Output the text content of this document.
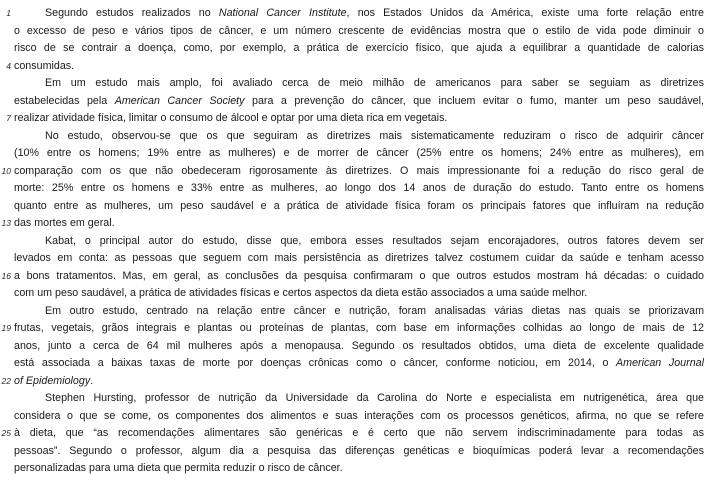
1	Segundo estudos realizados no National Cancer Institute, nos Estados Unidos da América, existe uma forte relação entre
o excesso de peso e vários tipos de câncer, e um número crescente de evidências mostra que o estilo de vida pode diminuir o
risco de se contrair a doença, como, por exemplo, a prática de exercício físico, que ajuda a equilibrar a quantidade de calorias
4 consumidas.
Em um estudo mais amplo, foi avaliado cerca de meio milhão de americanos para saber se seguiam as diretrizes
estabelecidas pela American Cancer Society para a prevenção do câncer, que incluem evitar o fumo, manter um peso saudável,
7 realizar atividade física, limitar o consumo de álcool e optar por uma dieta rica em vegetais.
No estudo, observou-se que os que seguiram as diretrizes mais sistematicamente reduziram o risco de adquirir câncer
(10% entre os homens; 19% entre as mulheres) e de morrer de câncer (25% entre os homens; 24% entre as mulheres), em
10 comparação com os que não obedeceram rigorosamente às diretrizes. O mais impressionante foi a redução do risco geral de
morte: 25% entre os homens e 33% entre as mulheres, ao longo dos 14 anos de duração do estudo. Tanto entre os homens
quanto entre as mulheres, um peso saudável e a prática de atividade física foram os principais fatores que influíram na redução
13 das mortes em geral.
Kabat, o principal autor do estudo, disse que, embora esses resultados sejam encorajadores, outros fatores devem ser
levados em conta: as pessoas que seguem com mais persistência as diretrizes talvez costumem cuidar da saúde e tenham acesso
16 a bons tratamentos. Mas, em geral, as conclusões da pesquisa confirmaram o que outros estudos mostram há décadas: o cuidado
com um peso saudável, a prática de atividades físicas e certos aspectos da dieta estão associados a uma saúde melhor.
Em outro estudo, centrado na relação entre câncer e nutrição, foram analisadas várias dietas nas quais se priorizavam
19 frutas, vegetais, grãos integrais e plantas ou proteínas de plantas, com base em informações colhidas ao longo de mais de 12
anos, junto a cerca de 64 mil mulheres após a menopausa. Segundo os resultados obtidos, uma dieta de excelente qualidade
está associada a baixas taxas de morte por doenças crônicas como o câncer, conforme noticiou, em 2014, o American Journal
22 of Epidemiology.
Stephen Hursting, professor de nutrição da Universidade da Carolina do Norte e especialista em nutrigenética, área que
considera o que se come, os componentes dos alimentos e suas interações com os processos genéticos, afirma, no que se refere
25 à dieta, que “as recomendações alimentares são genéricas e é certo que não servem indiscriminadamente para todas as
pessoas”. Segundo o professor, algum dia a pesquisa das diferenças genéticas e bioquímicas poderá levar a recomendações
personalizadas para uma dieta que permita reduzir o risco de câncer.
